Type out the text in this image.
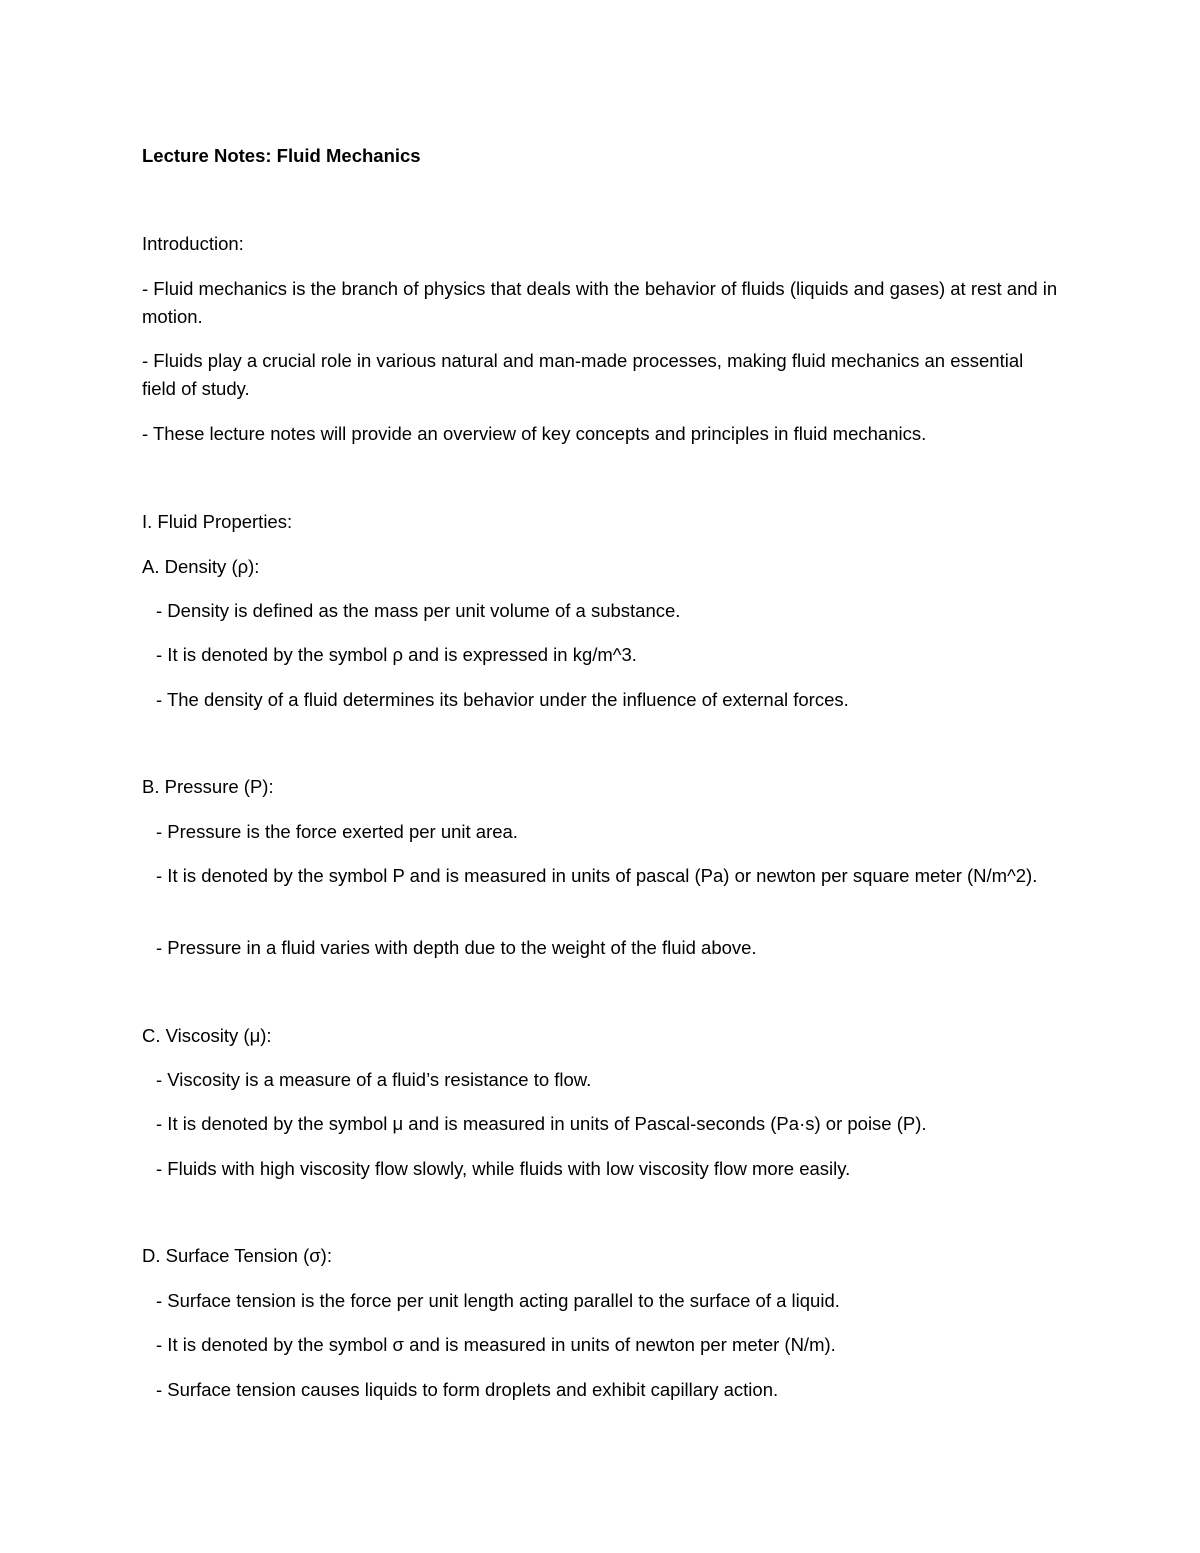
Lecture Notes: Fluid Mechanics
Introduction:
- Fluid mechanics is the branch of physics that deals with the behavior of fluids (liquids and gases) at rest and in motion.
- Fluids play a crucial role in various natural and man-made processes, making fluid mechanics an essential field of study.
- These lecture notes will provide an overview of key concepts and principles in fluid mechanics.
I. Fluid Properties:
A. Density (ρ):
- Density is defined as the mass per unit volume of a substance.
- It is denoted by the symbol ρ and is expressed in kg/m^3.
- The density of a fluid determines its behavior under the influence of external forces.
B. Pressure (P):
- Pressure is the force exerted per unit area.
- It is denoted by the symbol P and is measured in units of pascal (Pa) or newton per square meter (N/m^2).
- Pressure in a fluid varies with depth due to the weight of the fluid above.
C. Viscosity (μ):
- Viscosity is a measure of a fluid’s resistance to flow.
- It is denoted by the symbol μ and is measured in units of Pascal-seconds (Pa·s) or poise (P).
- Fluids with high viscosity flow slowly, while fluids with low viscosity flow more easily.
D. Surface Tension (σ):
- Surface tension is the force per unit length acting parallel to the surface of a liquid.
- It is denoted by the symbol σ and is measured in units of newton per meter (N/m).
- Surface tension causes liquids to form droplets and exhibit capillary action.
